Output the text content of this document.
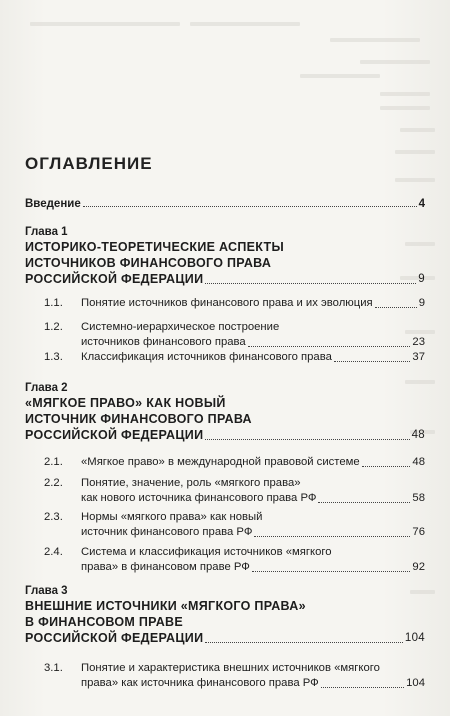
ОГЛАВЛЕНИЕ
Введение	4
Глава 1
ИСТОРИКО-ТЕОРЕТИЧЕСКИЕ АСПЕКТЫ
ИСТОЧНИКОВ ФИНАНСОВОГО ПРАВА
РОССИЙСКОЙ ФЕДЕРАЦИИ	9
1.1.	Понятие источников финансового права и их эволюция	9
1.2.	Системно-иерархическое построение
источников финансового права	23
1.3.	Классификация источников финансового права	37
Глава 2
«МЯГКОЕ ПРАВО» КАК НОВЫЙ
ИСТОЧНИК ФИНАНСОВОГО ПРАВА
РОССИЙСКОЙ ФЕДЕРАЦИИ	48
2.1.	«Мягкое право» в международной правовой системе	48
2.2.	Понятие, значение, роль «мягкого права»
как нового источника финансового права РФ	58
2.3.	Нормы «мягкого права» как новый
источник финансового права РФ	76
2.4.	Система и классификация источников «мягкого
права» в финансовом праве РФ	92
Глава 3
ВНЕШНИЕ ИСТОЧНИКИ «МЯГКОГО ПРАВА»
В ФИНАНСОВОМ ПРАВЕ
РОССИЙСКОЙ ФЕДЕРАЦИИ	104
3.1.	Понятие и характеристика внешних источников «мягкого
права» как источника финансового права РФ	104
